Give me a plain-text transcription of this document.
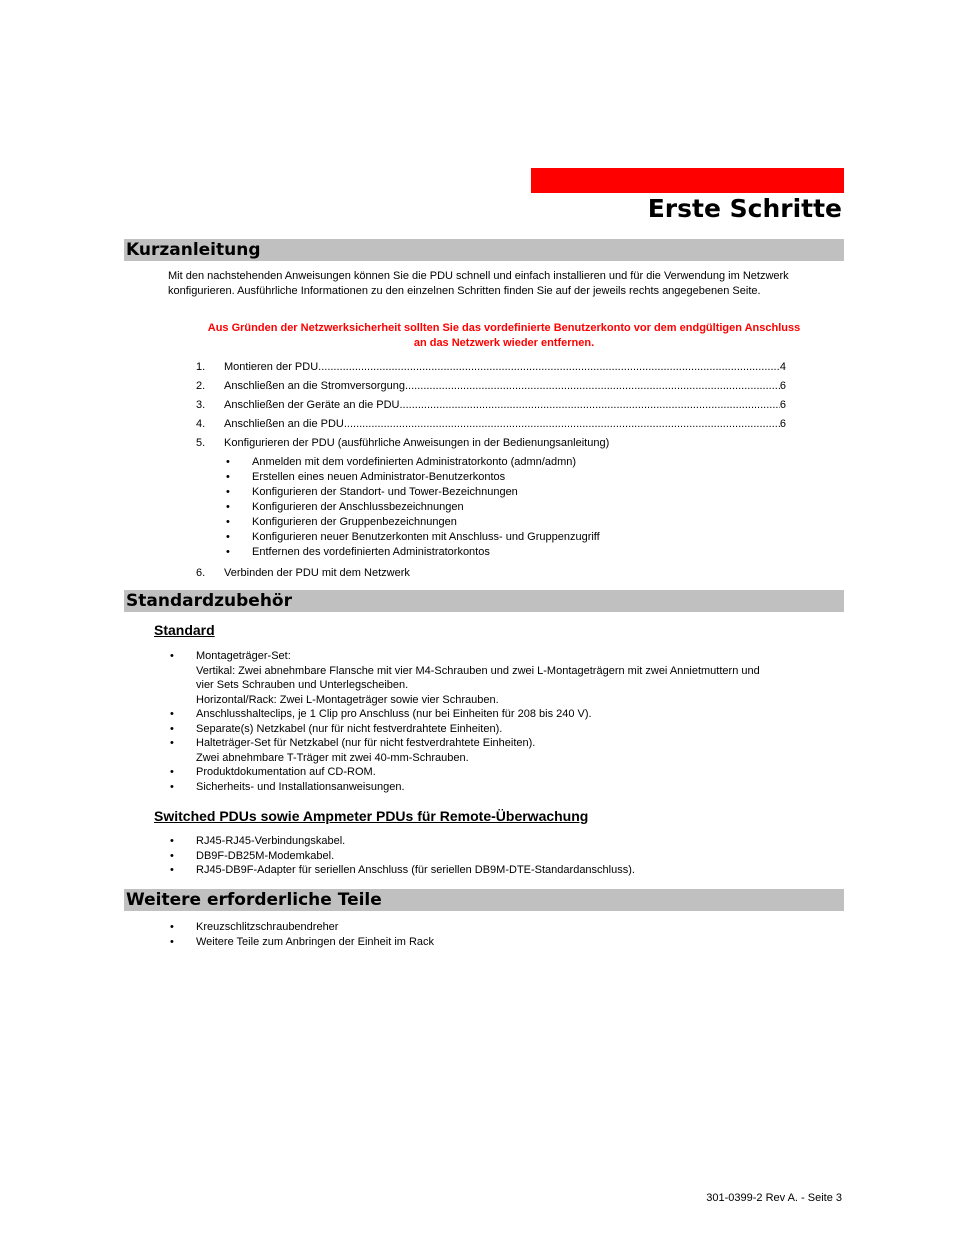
Erste Schritte
Kurzanleitung
Mit den nachstehenden Anweisungen können Sie die PDU schnell und einfach installieren und für die Verwendung im Netzwerk konfigurieren. Ausführliche Informationen zu den einzelnen Schritten finden Sie auf der jeweils rechts angegebenen Seite.
Aus Gründen der Netzwerksicherheit sollten Sie das vordefinierte Benutzerkonto vor dem endgültigen Anschluss
an das Netzwerk wieder entfernen.
1.	Montieren der PDU .....	4
2.	Anschließen an die Stromversorgung .....	6
3.	Anschließen der Geräte an die PDU .....	6
4.	Anschließen an die PDU .....	6
5.	Konfigurieren der PDU (ausführliche Anweisungen in der Bedienungsanleitung)
• Anmelden mit dem vordefinierten Administratorkonto (admn/admn)
• Erstellen eines neuen Administrator-Benutzerkontos
• Konfigurieren der Standort- und Tower-Bezeichnungen
• Konfigurieren der Anschlussbezeichnungen
• Konfigurieren der Gruppenbezeichnungen
• Konfigurieren neuer Benutzerkonten mit Anschluss- und Gruppenzugriff
• Entfernen des vordefinierten Administratorkontos
6.	Verbinden der PDU mit dem Netzwerk
Standardzubehör
Standard
• Montageträger-Set:
Vertikal: Zwei abnehmbare Flansche mit vier M4-Schrauben und zwei L-Montageträgern mit zwei Annietmuttern und
vier Sets Schrauben und Unterlegscheiben.
Horizontal/Rack: Zwei L-Montageträger sowie vier Schrauben.
• Anschlusshalteclips, je 1 Clip pro Anschluss (nur bei Einheiten für 208 bis 240 V).
• Separate(s) Netzkabel (nur für nicht festverdrahtete Einheiten).
• Halteträger-Set für Netzkabel (nur für nicht festverdrahtete Einheiten).
Zwei abnehmbare T-Träger mit zwei 40-mm-Schrauben.
• Produktdokumentation auf CD-ROM.
• Sicherheits- und Installationsanweisungen.
Switched PDUs sowie Ampmeter PDUs für Remote-Überwachung
• RJ45-RJ45-Verbindungskabel.
• DB9F-DB25M-Modemkabel.
• RJ45-DB9F-Adapter für seriellen Anschluss (für seriellen DB9M-DTE-Standardanschluss).
Weitere erforderliche Teile
• Kreuzschlitzschraubendreher
• Weitere Teile zum Anbringen der Einheit im Rack
301-0399-2 Rev A. - Seite 3
